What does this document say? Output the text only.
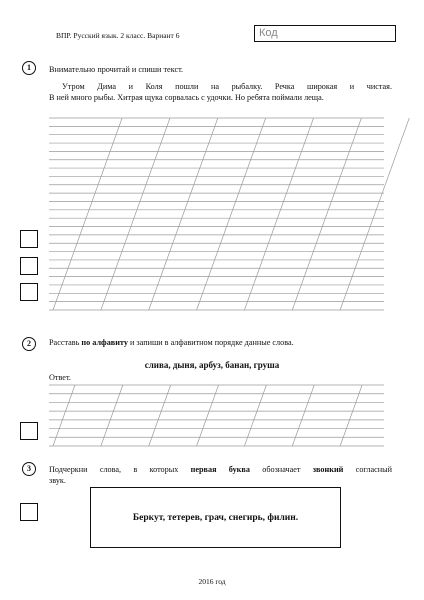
ВПР. Русский язык. 2 класс. Вариант 6	Код
1	Внимательно прочитай и спиши текст.
Утром Дима и Коля пошли на рыбалку. Речка широкая и чистая.
В ней много рыбы. Хитрая щука сорвалась с удочки. Но ребята поймали леща.
2	Расставь по алфавиту и запиши в алфавитном порядке данные слова.
слива, дыня, арбуз, банан, груша
Ответ.
3	Подчеркни слова, в которых первая буква обозначает звонкий согласный
звук.
Беркут, тетерев, грач, снегирь, филин.
2016 год
